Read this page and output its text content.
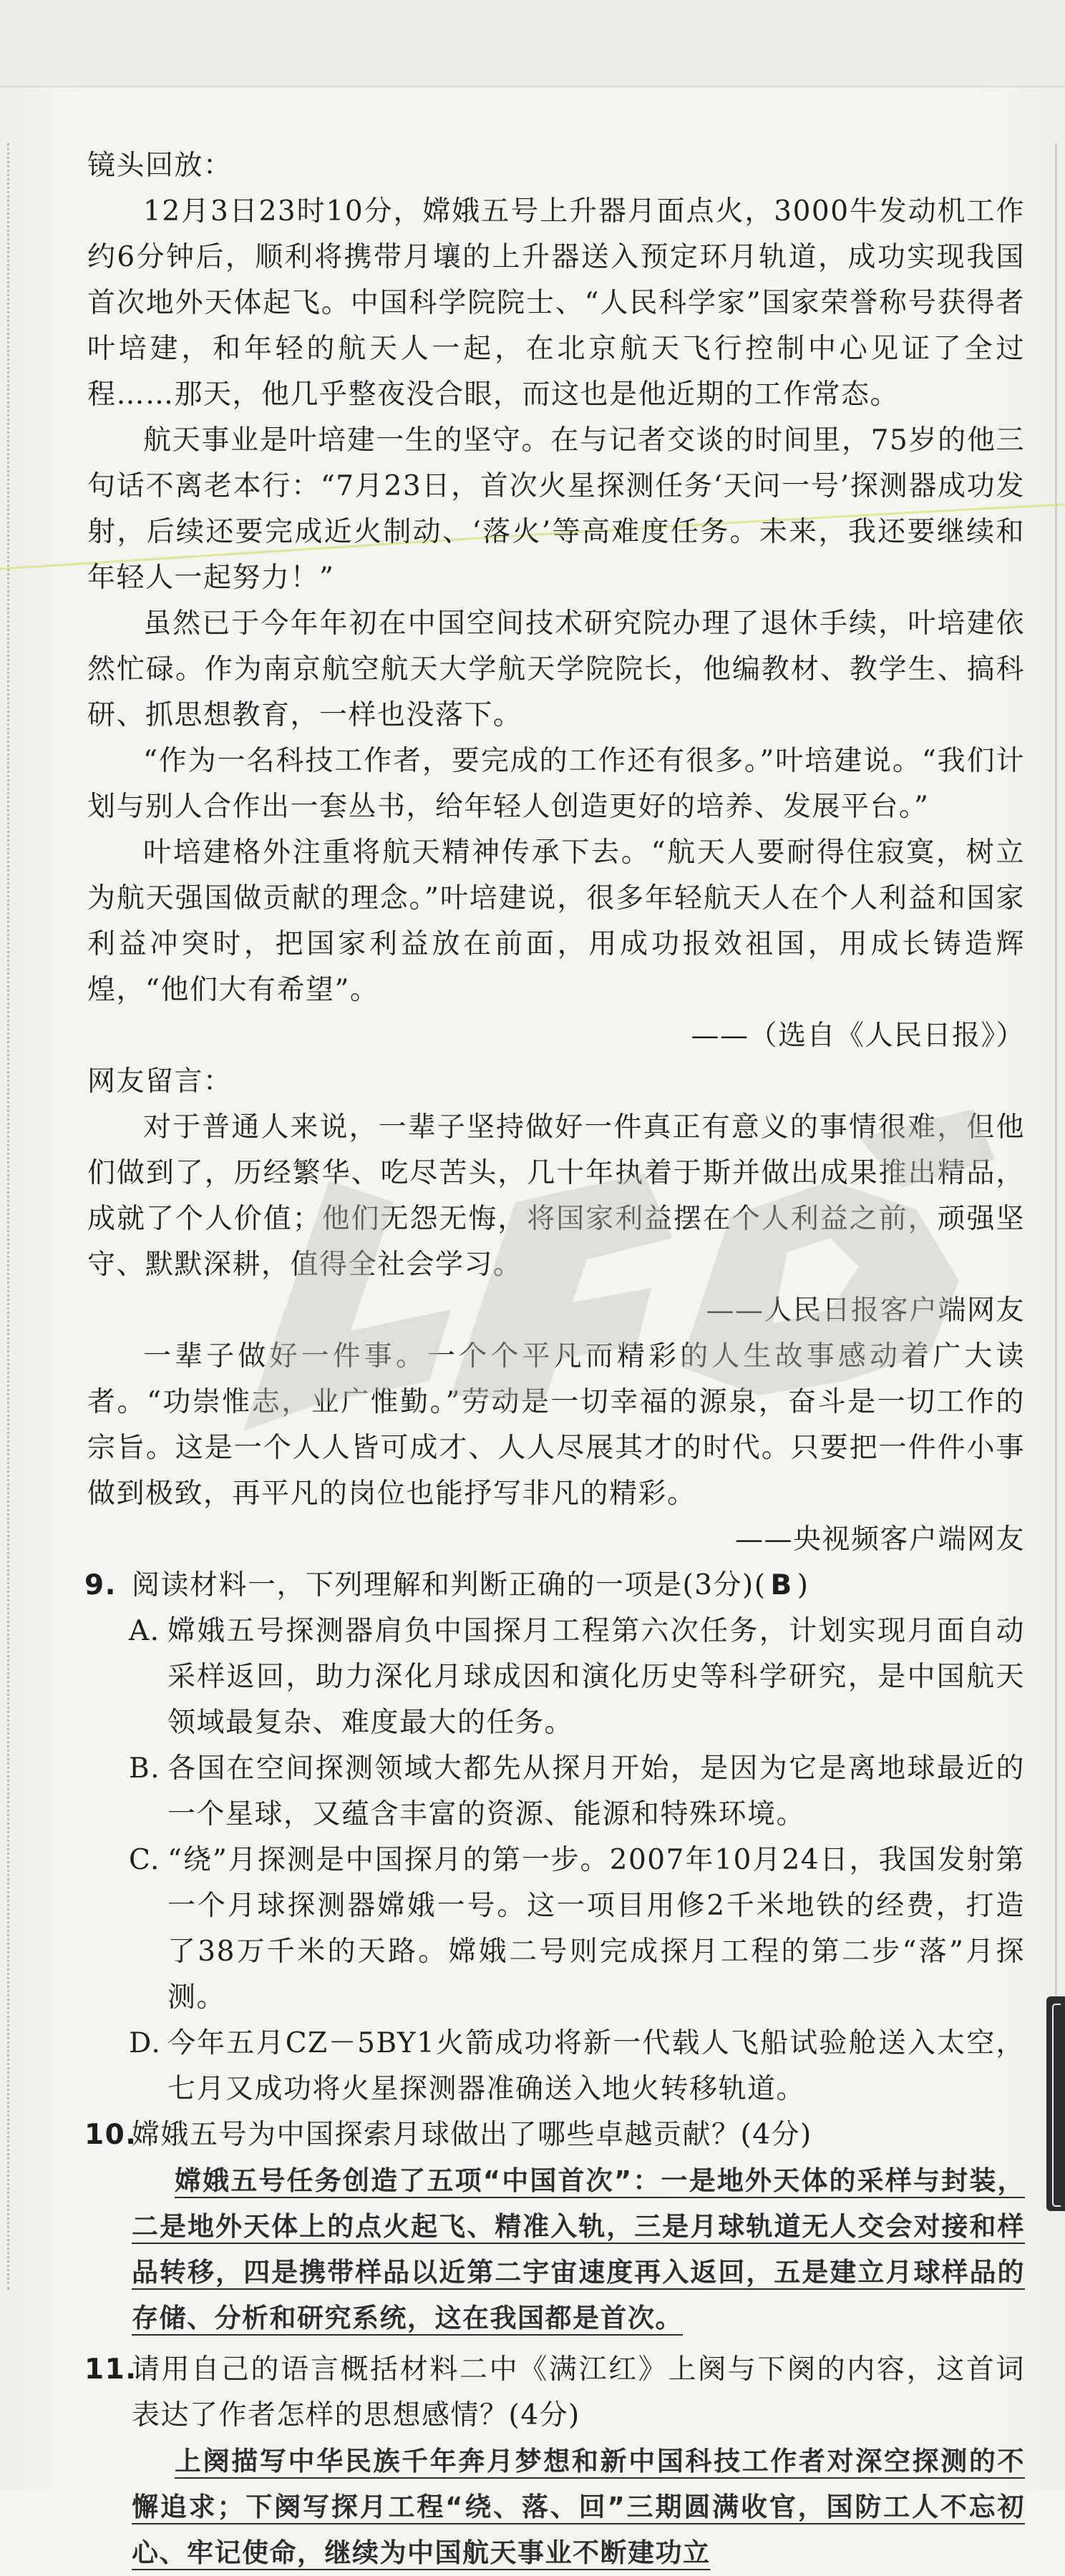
镜头回放：

12月3日23时10分，嫦娥五号上升器月面点火，3000牛发动机工作约6分钟后，顺利将携带月壤的上升器送入预定环月轨道，成功实现我国首次地外天体起飞。中国科学院院士、“人民科学家”国家荣誉称号获得者叶培建，和年轻的航天人一起，在北京航天飞行控制中心见证了全过程……那天，他几乎整夜没合眼，而这也是他近期的工作常态。

航天事业是叶培建一生的坚守。在与记者交谈的时间里，75岁的他三句话不离老本行：“7月23日，首次火星探测任务‘天问一号’探测器成功发射，后续还要完成近火制动、‘落火’等高难度任务。未来，我还要继续和年轻人一起努力！”

虽然已于今年年初在中国空间技术研究院办理了退休手续，叶培建依然忙碌。作为南京航空航天大学航天学院院长，他编教材、教学生、搞科研、抓思想教育，一样也没落下。

“作为一名科技工作者，要完成的工作还有很多。”叶培建说。“我们计划与别人合作出一套丛书，给年轻人创造更好的培养、发展平台。”

叶培建格外注重将航天精神传承下去。“航天人要耐得住寂寞，树立为航天强国做贡献的理念。”叶培建说，很多年轻航天人在个人利益和国家利益冲突时，把国家利益放在前面，用成功报效祖国，用成长铸造辉煌，“他们大有希望”。

——（选自《人民日报》）

网友留言：

对于普通人来说，一辈子坚持做好一件真正有意义的事情很难，但他们做到了，历经繁华、吃尽苦头，几十年执着于斯并做出成果推出精品，成就了个人价值；他们无怨无悔，将国家利益摆在个人利益之前，顽强坚守、默默深耕，值得全社会学习。

——人民日报客户端网友

一辈子做好一件事。一个个平凡而精彩的人生故事感动着广大读者。“功崇惟志，业广惟勤。”劳动是一切幸福的源泉，奋斗是一切工作的宗旨。这是一个人人皆可成才、人人尽展其才的时代。只要把一件件小事做到极致，再平凡的岗位也能抒写非凡的精彩。

——央视频客户端网友

9. 阅读材料一，下列理解和判断正确的一项是(3分)( B )

A. 嫦娥五号探测器肩负中国探月工程第六次任务，计划实现月面自动采样返回，助力深化月球成因和演化历史等科学研究，是中国航天领域最复杂、难度最大的任务。

B. 各国在空间探测领域大都先从探月开始，是因为它是离地球最近的一个星球，又蕴含丰富的资源、能源和特殊环境。

C. “绕”月探测是中国探月的第一步。2007年10月24日，我国发射第一个月球探测器嫦娥一号。这一项目用修2千米地铁的经费，打造了38万千米的天路。嫦娥二号则完成探月工程的第二步“落”月探测。

D. 今年五月CZ－5BY1火箭成功将新一代载人飞船试验舱送入太空，七月又成功将火星探测器准确送入地火转移轨道。

10.

嫦娥五号为中国探索月球做出了哪些卓越贡献？(4分)

嫦娥五号任务创造了五项“中国首次”：一是地外天体的采样与封装，二是地外天体上的点火起飞、精准入轨，三是月球轨道无人交会对接和样品转移，四是携带样品以近第二宇宙速度再入返回，五是建立月球样品的存储、分析和研究系统，这在我国都是首次。

11.

请用自己的语言概括材料二中《满江红》上阕与下阕的内容，这首词表达了作者怎样的思想感情？(4分)

上阕描写中华民族千年奔月梦想和新中国科技工作者对深空探测的不懈追求；下阕写探月工程“绕、落、回”三期圆满收官，国防工人不忘初心、牢记使命，继续为中国航天事业不断建功立
